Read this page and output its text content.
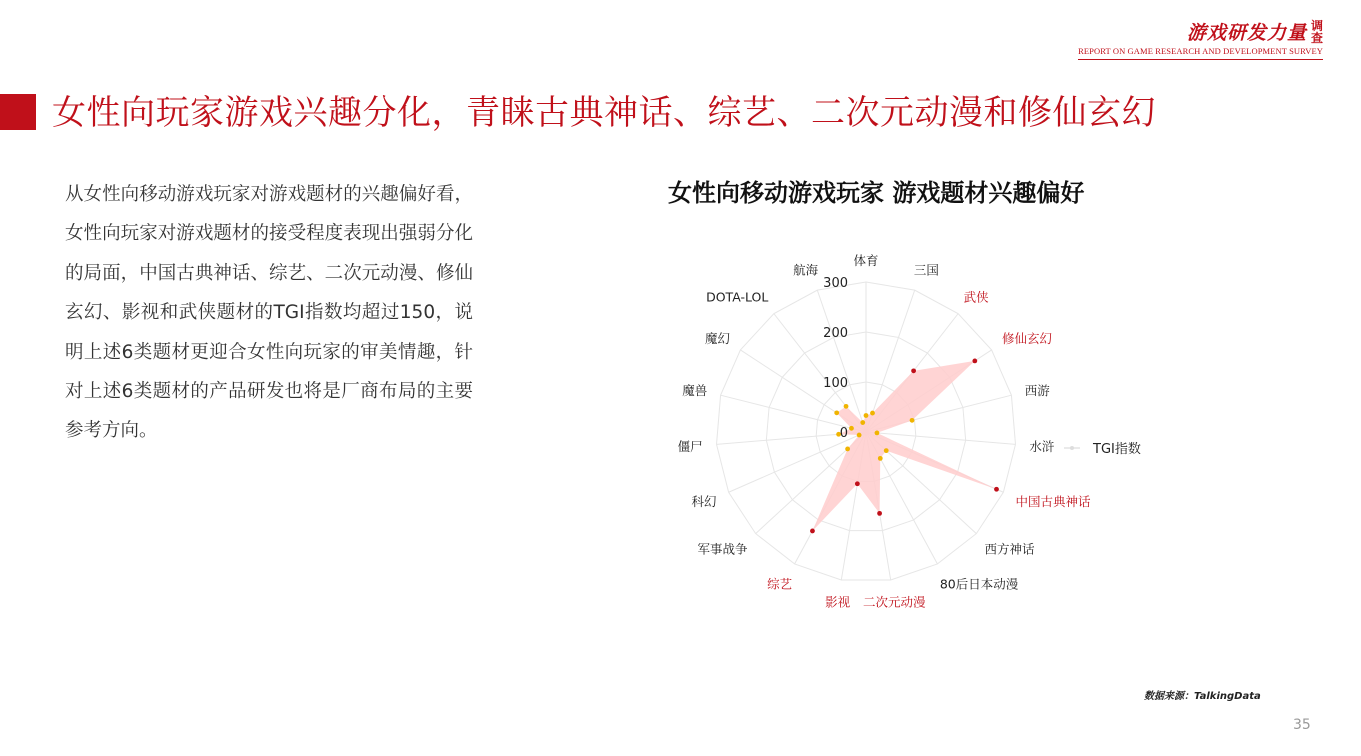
游戏研发力量 调查
REPORT ON GAME RESEARCH AND DEVELOPMENT SURVEY
女性向玩家游戏兴趣分化，青睐古典神话、综艺、二次元动漫和修仙玄幻
从女性向移动游戏玩家对游戏题材的兴趣偏好看，女性向玩家对游戏题材的接受程度表现出强弱分化的局面，中国古典神话、综艺、二次元动漫、修仙玄幻、影视和武侠题材的TGI指数均超过150，说明上述6类题材更迎合女性向玩家的审美情趣，针对上述6类题材的产品研发也将是厂商布局的主要参考方向。
女性向移动游戏玩家 游戏题材兴趣偏好
0
100
200
300
体育
三国
武侠
修仙玄幻
西游
水浒
中国古典神话
西方神话
80后日本动漫
二次元动漫
影视
综艺
军事战争
科幻
僵尸
魔兽
魔幻
DOTA-LOL
航海
TGI指数
数据来源：TalkingData
35
